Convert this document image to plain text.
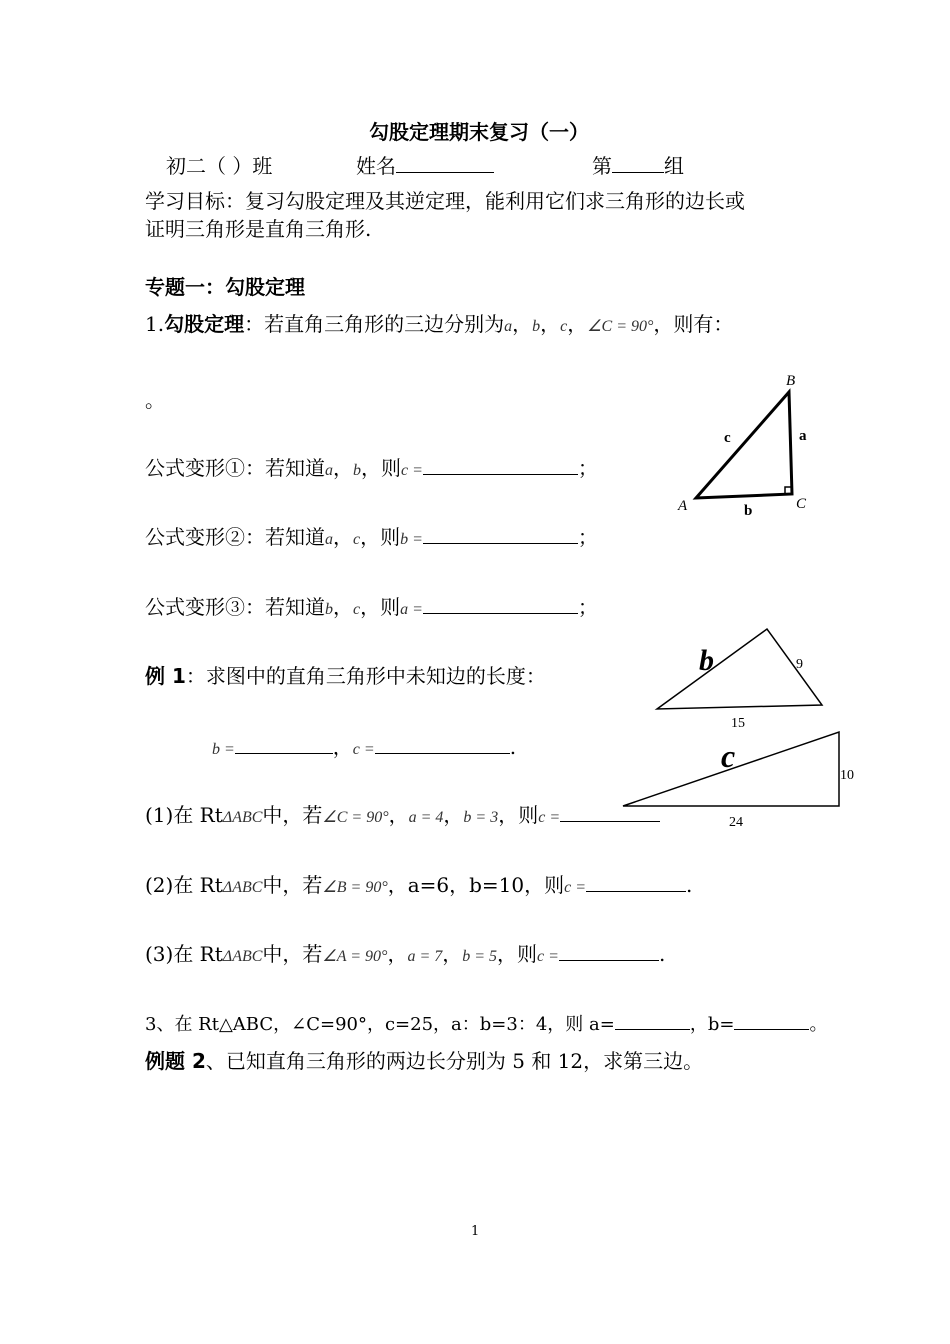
勾股定理期末复习（一）
初二（ ）班	姓名	第	组
学习目标：复习勾股定理及其逆定理，能利用它们求三角形的边长或
证明三角形是直角三角形.
专题一：勾股定理
1.勾股定理：若直角三角形的三边分别为a，b，c，∠C = 90°，则有：
。
B
A	C
c	a
b
公式变形①：若知道a，b，则c =	；
公式变形②：若知道a，c，则b =	；
公式变形③：若知道b，c，则a =	；
例 1：求图中的直角三角形中未知边的长度：	b	9
15
b =	，c =	.	c
10
24
(1)在 RtΔABC中，若∠C = 90°，a = 4，b = 3，则c =
(2)在 RtΔABC中，若∠B = 90°，a=6，b=10，则c =	.
(3)在 RtΔABC中，若∠A = 90°，a = 7，b = 5，则c =	.
3、在 Rt△ABC，∠C=90°，c=25，a：b=3：4，则 a=	，b=	。
例题 2、已知直角三角形的两边长分别为 5 和 12，求第三边。
1
